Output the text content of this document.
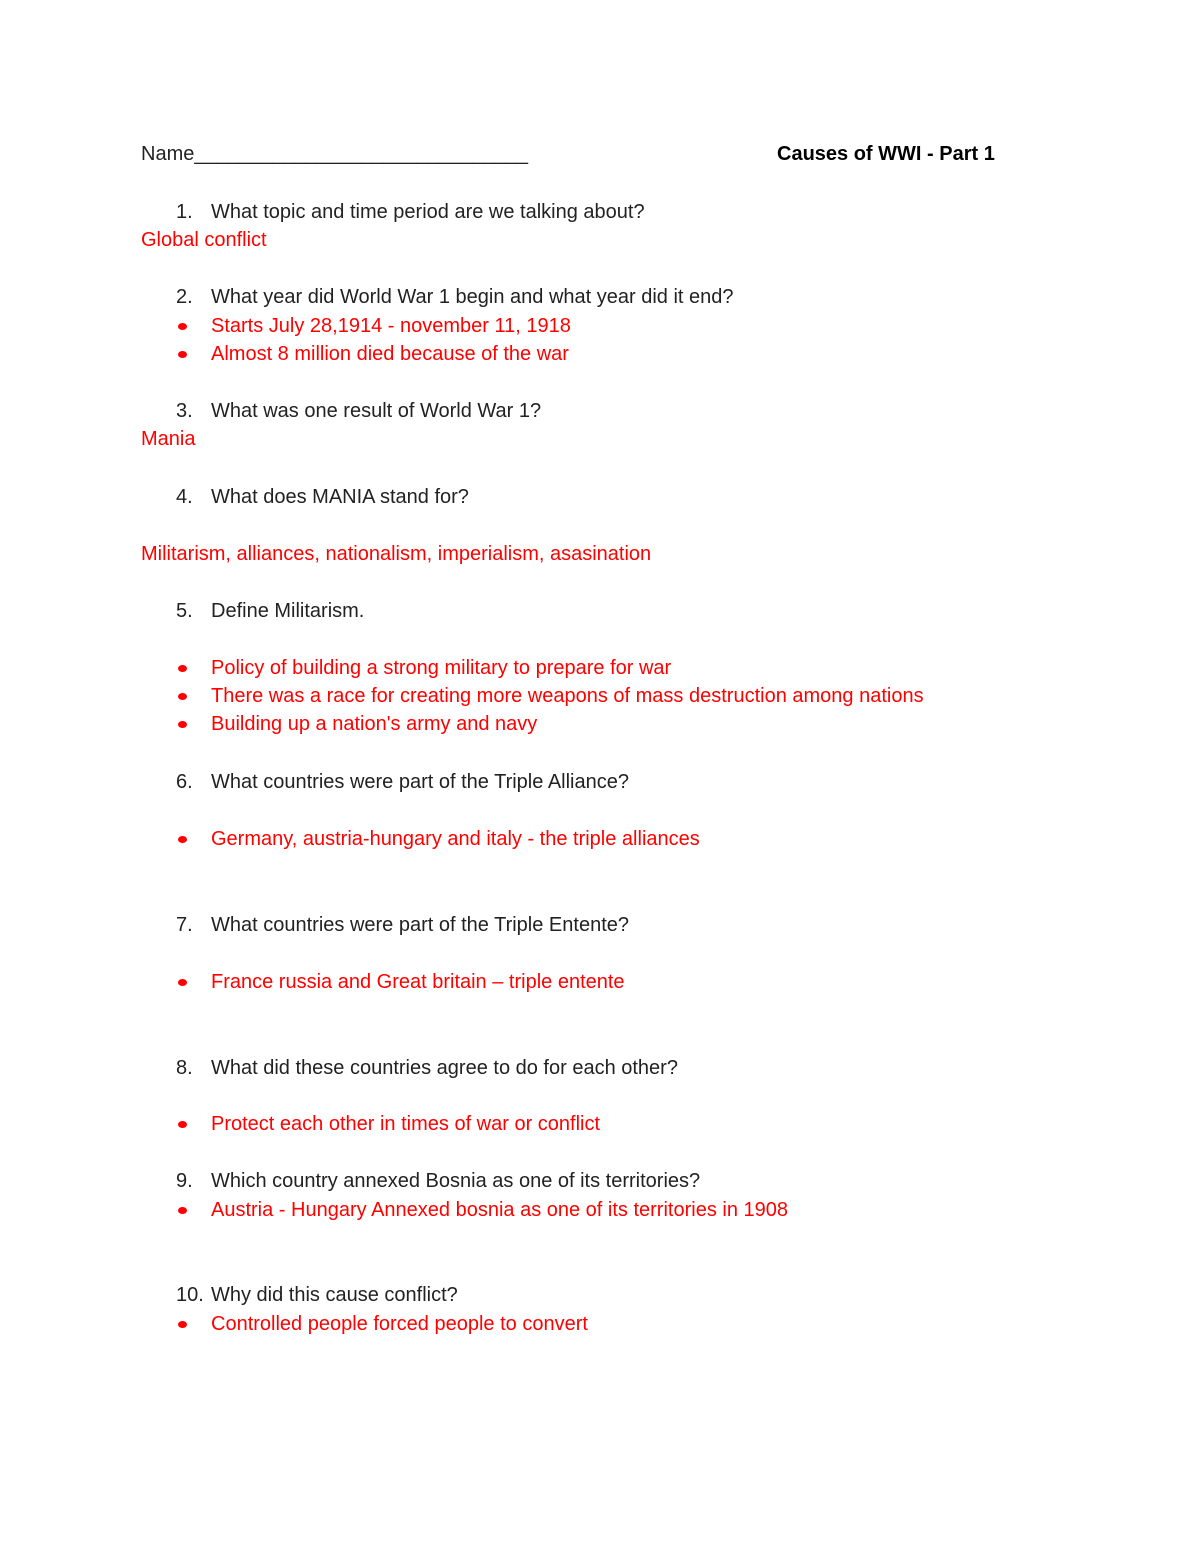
Name______________________________	Causes of WWI - Part 1
1. What topic and time period are we talking about?
Global conflict
2. What year did World War 1 begin and what year did it end?
Starts July 28,1914 - november 11, 1918
Almost 8 million died because of the war
3. What was one result of World War 1?
Mania
4. What does MANIA stand for?
Militarism, alliances, nationalism, imperialism, asasination
5. Define Militarism.
Policy of building a strong military to prepare for war
There was a race for creating more weapons of mass destruction among nations
Building up a nation's army and navy
6. What countries were part of the Triple Alliance?
Germany, austria-hungary and italy - the triple alliances
7. What countries were part of the Triple Entente?
France russia and Great britain – triple entente
8. What did these countries agree to do for each other?
Protect each other in times of war or conflict
9. Which country annexed Bosnia as one of its territories?
Austria - Hungary Annexed bosnia as one of its territories in 1908
10. Why did this cause conflict?
Controlled people forced people to convert
